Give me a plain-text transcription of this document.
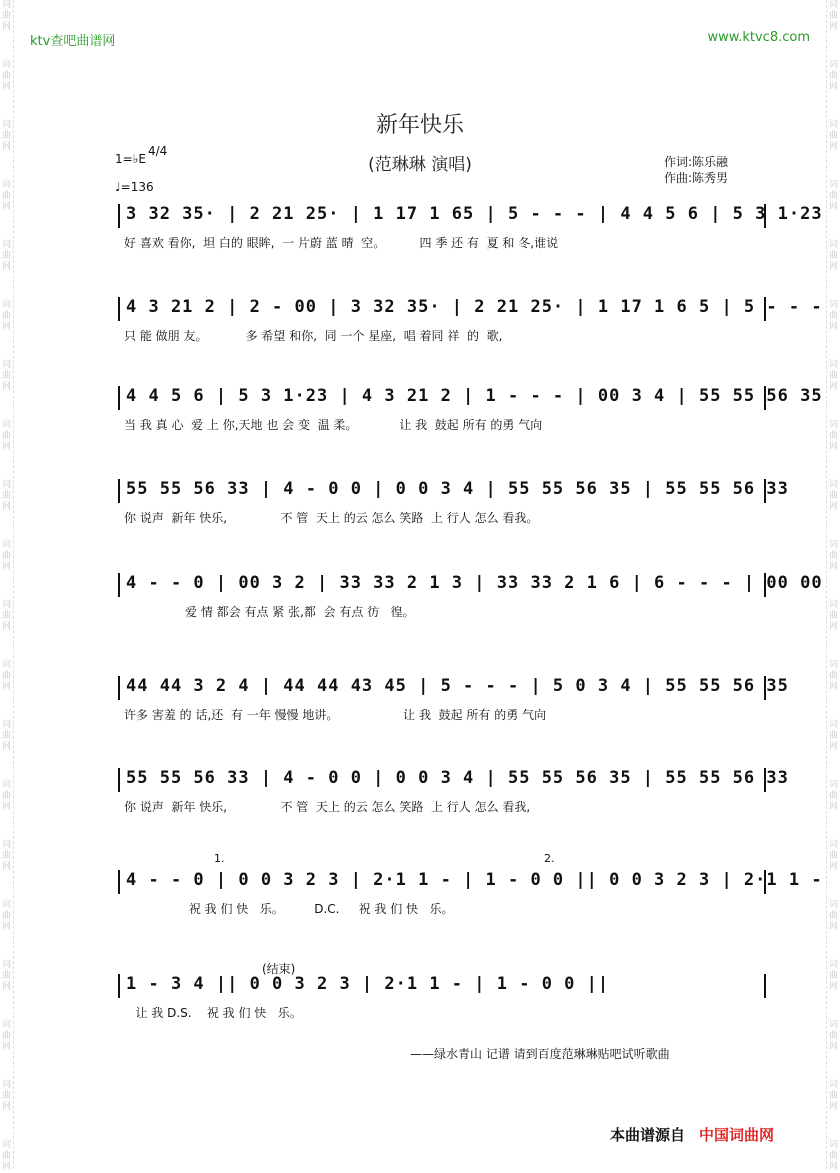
词
曲
网
词
曲
网
词
曲
网
词
曲
网
词
曲
网
词
曲
网
词
曲
网
词
曲
网
词
曲
网
词
曲
网
词
曲
网
词
曲
网
词
曲
网
词
曲
网
词
曲
网
词
曲
网
词
曲
网
词
曲
网
词
曲
网
词
曲
网
词
曲
网
词
曲
网
词
曲
网
词
曲
网
词
曲
网
词
曲
网
词
曲
网
词
曲
网
词
曲
网
词
曲
网
词
曲
网
词
曲
网
词
曲
网
词
曲
网
词
曲
网
词
曲
网
词
曲
网
词
曲
网
词
曲
网
词
曲
网
ktv查吧曲谱网	www.ktvc8.com
新年快乐
(范琳琳 演唱)
1=♭E
4/4
♩=136
作词:陈乐融
作曲:陈秀男
3 32 35· | 2 21 25· | 1 17 1 65 | 5 - - - | 4 4 5 6 | 5 3 1·23
好 喜欢 看你,  坦 白的 眼眸,  一 片蔚 蓝 晴  空。         四 季 还 有  夏 和 冬,谁说
4 3 21 2 | 2 - 00 | 3 32 35· | 2 21 25· | 1 17 1 6 5 | 5 - - -
只 能 做朋 友。          多 希望 和你,  同 一个 星座,  唱 着同 祥  的  歌,
4 4 5 6 | 5 3 1·23 | 4 3 21 2 | 1 - - - | 00 3 4 | 55 55 56 35
当 我 真 心  爱 上 你,天地 也 会 变  温 柔。           让 我  鼓起 所有 的勇 气向
55 55 56 33 | 4 - 0 0 | 0 0 3 4 | 55 55 56 35 | 55 55 56 33
你 说声  新年 快乐,              不 管  天上 的云 怎么 笑路  上 行人 怎么 看我。
4 - - 0 | 00 3 2 | 33 33 2 1 3 | 33 33 2 1 6 | 6 - - - | 00 00
爱 情 都会 有点 紧 张,都  会 有点 彷   徨。
44 44 3 2 4 | 44 44 43 45 | 5 - - - | 5 0 3 4 | 55 55 56 35
许多 害羞 的 话,还  有 一年 慢慢 地讲。                 让 我  鼓起 所有 的勇 气向
55 55 56 33 | 4 - 0 0 | 0 0 3 4 | 55 55 56 35 | 55 55 56 33
你 说声  新年 快乐,              不 管  天上 的云 怎么 笑路  上 行人 怎么 看我,
1.	2.
4 - - 0 | 0 0 3 2 3 | 2·1 1 - | 1 - 0 0 || 0 0 3 2 3 | 2·1 1 -
祝 我 们 快   乐。        D.C.     祝 我 们 快   乐。
(结束)
1 - 3 4 || 0 0 3 2 3 | 2·1 1 - | 1 - 0 0 ||
让 我 D.S.    祝 我 们 快   乐。
——绿水青山 记谱 请到百度范琳琳贴吧试听歌曲
本曲谱源自 中国词曲网
